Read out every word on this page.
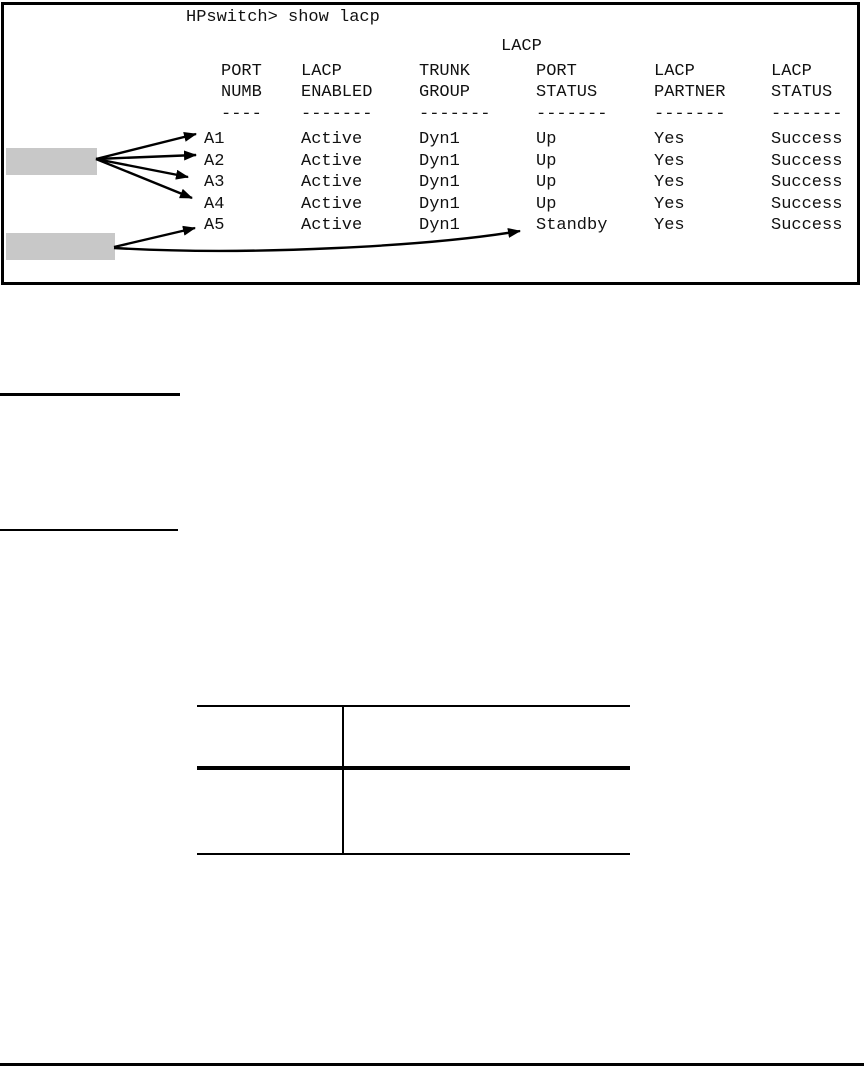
HPswitch> show lacp
LACP
PORT LACP	TRUNK	PORT	LACP	LACP
NUMB ENABLED	GROUP	STATUS	PARTNER	STATUS
---- -------	-------	-------	-------	-------
A1	Active	Dyn1	Up	Yes	Success
A2	Active	Dyn1	Up	Yes	Success
A3	Active	Dyn1	Up	Yes	Success
A4	Active	Dyn1	Up	Yes	Success
A5	Active	Dyn1	Standby	Yes	Success
